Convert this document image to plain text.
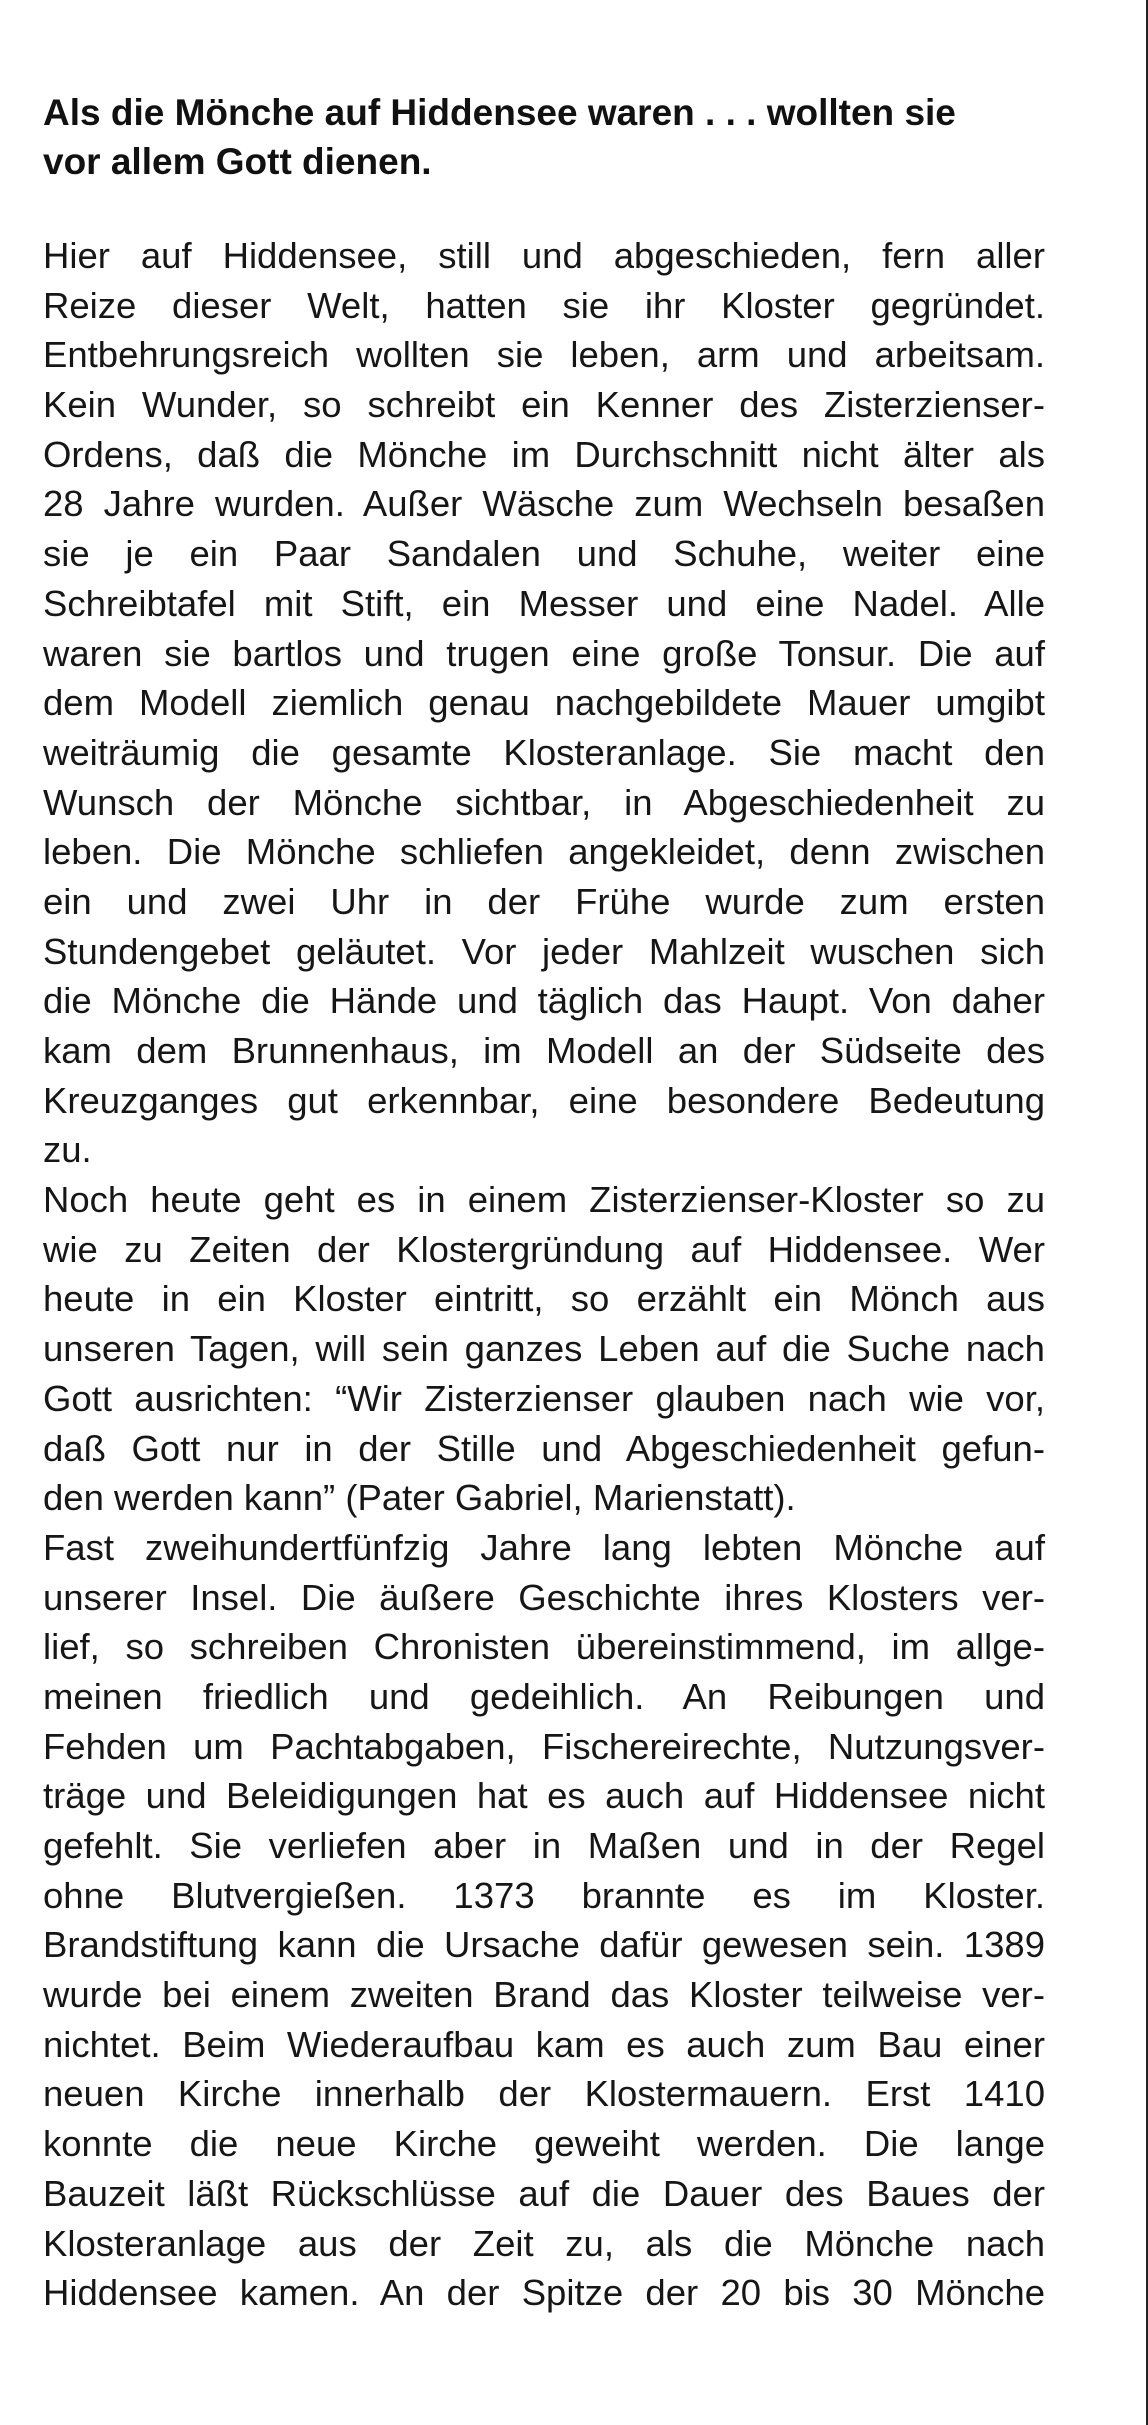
Als die Mönche auf Hiddensee waren . . . wollten sie
vor allem Gott dienen.
Hier auf Hiddensee, still und abgeschieden, fern aller
Reize dieser Welt, hatten sie ihr Kloster gegründet.
Entbehrungsreich wollten sie leben, arm und arbeitsam.
Kein Wunder, so schreibt ein Kenner des Zisterzienser-
Ordens, daß die Mönche im Durchschnitt nicht älter als
28 Jahre wurden. Außer Wäsche zum Wechseln besaßen
sie je ein Paar Sandalen und Schuhe, weiter eine
Schreibtafel mit Stift, ein Messer und eine Nadel. Alle
waren sie bartlos und trugen eine große Tonsur. Die auf
dem Modell ziemlich genau nachgebildete Mauer umgibt
weiträumig die gesamte Klosteranlage. Sie macht den
Wunsch der Mönche sichtbar, in Abgeschiedenheit zu
leben. Die Mönche schliefen angekleidet, denn zwischen
ein und zwei Uhr in der Frühe wurde zum ersten
Stundengebet geläutet. Vor jeder Mahlzeit wuschen sich
die Mönche die Hände und täglich das Haupt. Von daher
kam dem Brunnenhaus, im Modell an der Südseite des
Kreuzganges gut erkennbar, eine besondere Bedeutung
zu.
Noch heute geht es in einem Zisterzienser-Kloster so zu
wie zu Zeiten der Klostergründung auf Hiddensee. Wer
heute in ein Kloster eintritt, so erzählt ein Mönch aus
unseren Tagen, will sein ganzes Leben auf die Suche nach
Gott ausrichten: “Wir Zisterzienser glauben nach wie vor,
daß Gott nur in der Stille und Abgeschiedenheit gefun-
den werden kann” (Pater Gabriel, Marienstatt).
Fast zweihundertfünfzig Jahre lang lebten Mönche auf
unserer Insel. Die äußere Geschichte ihres Klosters ver-
lief, so schreiben Chronisten übereinstimmend, im allge-
meinen friedlich und gedeihlich. An Reibungen und
Fehden um Pachtabgaben, Fischereirechte, Nutzungsver-
träge und Beleidigungen hat es auch auf Hiddensee nicht
gefehlt. Sie verliefen aber in Maßen und in der Regel
ohne Blutvergießen. 1373 brannte es im Kloster.
Brandstiftung kann die Ursache dafür gewesen sein. 1389
wurde bei einem zweiten Brand das Kloster teilweise ver-
nichtet. Beim Wiederaufbau kam es auch zum Bau einer
neuen Kirche innerhalb der Klostermauern. Erst 1410
konnte die neue Kirche geweiht werden. Die lange
Bauzeit läßt Rückschlüsse auf die Dauer des Baues der
Klosteranlage aus der Zeit zu, als die Mönche nach
Hiddensee kamen. An der Spitze der 20 bis 30 Mönche
